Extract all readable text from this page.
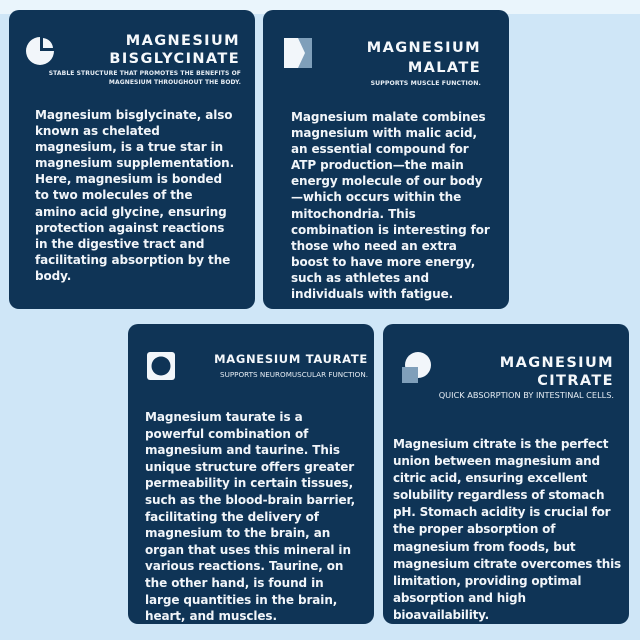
MAGNESIUM
BISGLYCINATE

STABLE STRUCTURE THAT PROMOTES THE BENEFITS OF MAGNESIUM THROUGHOUT THE BODY.

Magnesium bisglycinate, also known as chelated magnesium, is a true star in magnesium supplementation. Here, magnesium is bonded to two molecules of the amino acid glycine, ensuring protection against reactions in the digestive tract and facilitating absorption by the body.

MAGNESIUM
MALATE

SUPPORTS MUSCLE FUNCTION.

Magnesium malate combines magnesium with malic acid, an essential compound for ATP production—the main energy molecule of our body—which occurs within the mitochondria. This combination is interesting for those who need an extra boost to have more energy, such as athletes and individuals with fatigue.

MAGNESIUM TAURATE

SUPPORTS NEUROMUSCULAR FUNCTION.

Magnesium taurate is a powerful combination of magnesium and taurine. This unique structure offers greater permeability in certain tissues, such as the blood-brain barrier, facilitating the delivery of magnesium to the brain, an organ that uses this mineral in various reactions. Taurine, on the other hand, is found in large quantities in the brain, heart, and muscles.

MAGNESIUM
CITRATE

QUICK ABSORPTION BY INTESTINAL CELLS.

Magnesium citrate is the perfect union between magnesium and citric acid, ensuring excellent solubility regardless of stomach pH. Stomach acidity is crucial for the proper absorption of magnesium from foods, but magnesium citrate overcomes this limitation, providing optimal absorption and high bioavailability.
